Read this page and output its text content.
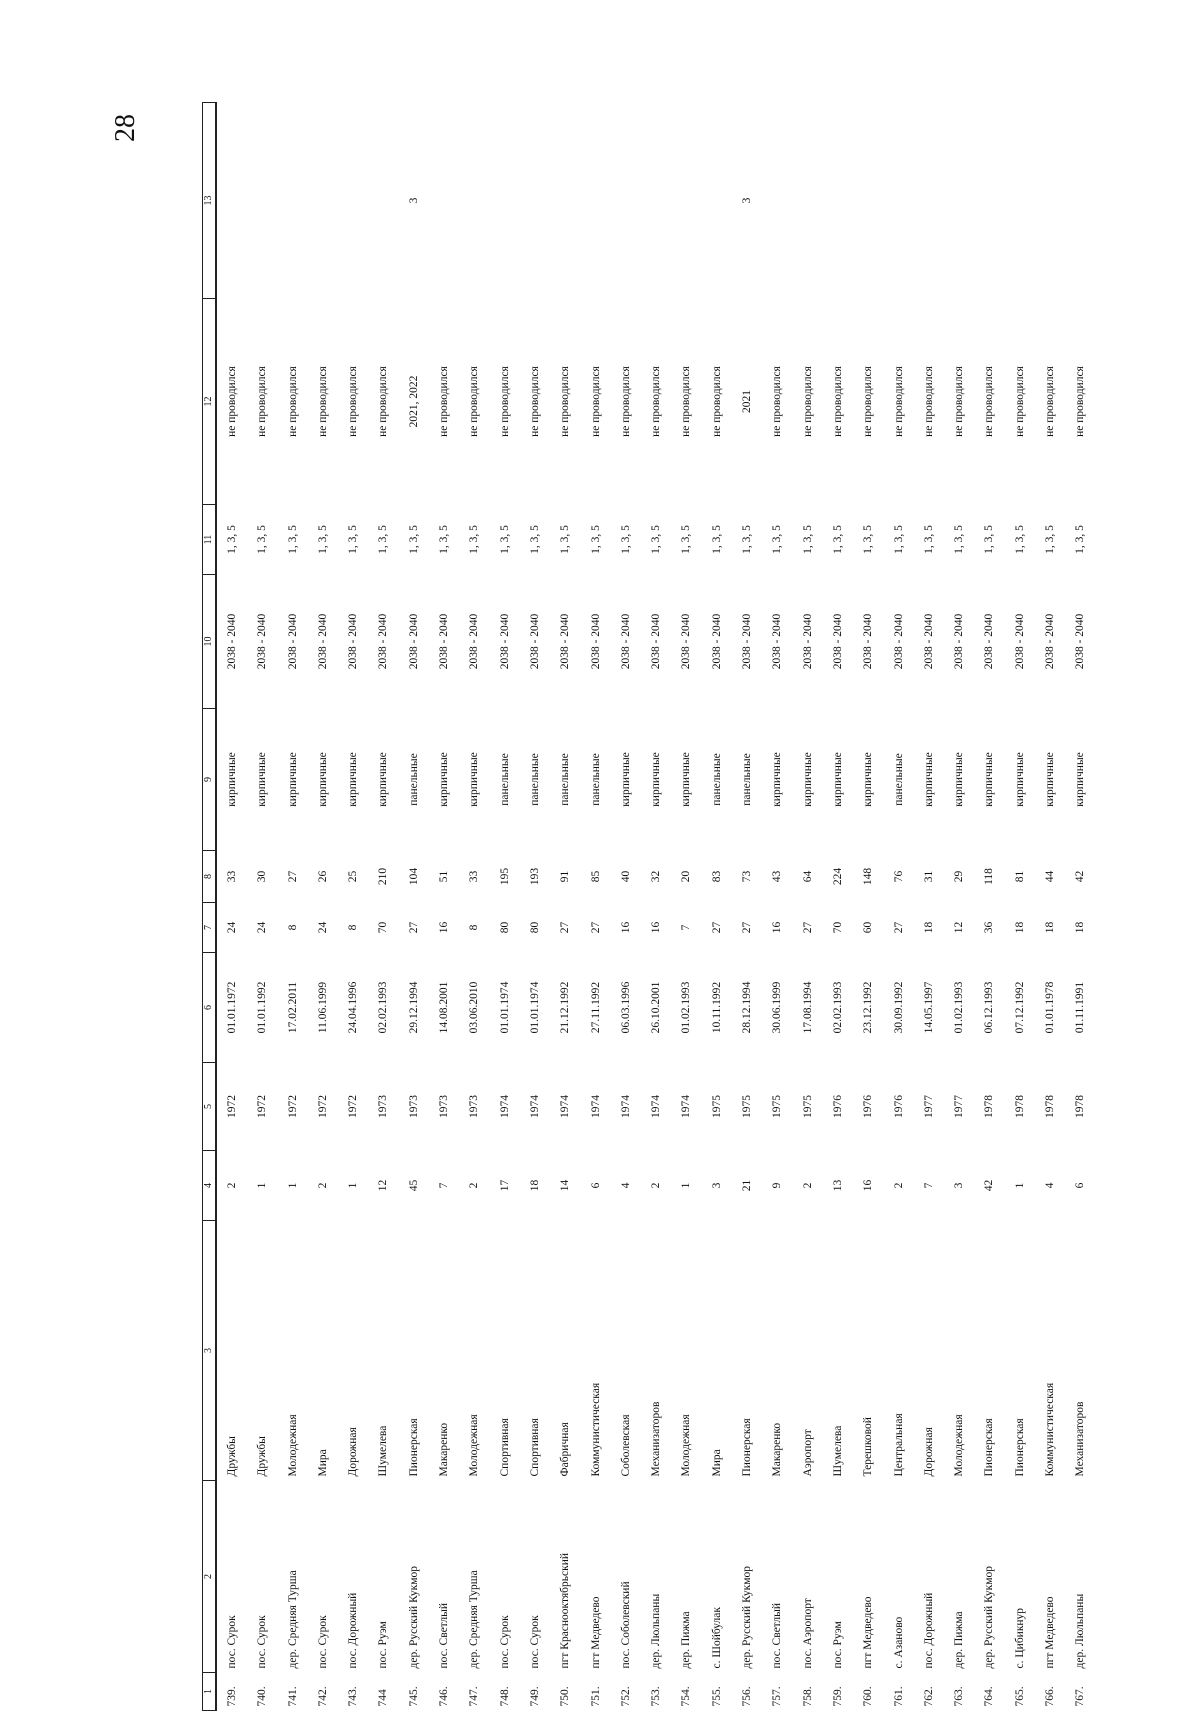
28
1	2	3	4	5	6	7	8	9	10	11	12	13
739.	пос. Сурок	Дружбы	2	1972	01.01.1972	24	33	кирпичные	2038 - 2040	1, 3, 5	не проводился	
740.	пос. Сурок	Дружбы	1	1972	01.01.1992	24	30	кирпичные	2038 - 2040	1, 3, 5	не проводился	
741.	дер. Средняя Турша	Молодежная	1	1972	17.02.2011	8	27	кирпичные	2038 - 2040	1, 3, 5	не проводился	
742.	пос. Сурок	Мира	2	1972	11.06.1999	24	26	кирпичные	2038 - 2040	1, 3, 5	не проводился	
743.	пос. Дорожный	Дорожная	1	1972	24.04.1996	8	25	кирпичные	2038 - 2040	1, 3, 5	не проводился	
744	пос. Руэм	Шумелева	12	1973	02.02.1993	70	210	кирпичные	2038 - 2040	1, 3, 5	не проводился	
745.	дер. Русский Кукмор	Пионерская	45	1973	29.12.1994	27	104	панельные	2038 - 2040	1, 3, 5	2021, 2022	3
746.	пос. Светлый	Макаренко	7	1973	14.08.2001	16	51	кирпичные	2038 - 2040	1, 3, 5	не проводился	
747.	дер. Средняя Турша	Молодежная	2	1973	03.06.2010	8	33	кирпичные	2038 - 2040	1, 3, 5	не проводился	
748.	пос. Сурок	Спортивная	17	1974	01.01.1974	80	195	панельные	2038 - 2040	1, 3, 5	не проводился	
749.	пос. Сурок	Спортивная	18	1974	01.01.1974	80	193	панельные	2038 - 2040	1, 3, 5	не проводился	
750.	пгт Красноoктябрьский	Фабричная	14	1974	21.12.1992	27	91	панельные	2038 - 2040	1, 3, 5	не проводился	
751.	пгт Медведево	Коммунистическая	6	1974	27.11.1992	27	85	панельные	2038 - 2040	1, 3, 5	не проводился	
752.	пос. Соболевский	Соболевская	4	1974	06.03.1996	16	40	кирпичные	2038 - 2040	1, 3, 5	не проводился	
753.	дер. Люльпаны	Механизаторов	2	1974	26.10.2001	16	32	кирпичные	2038 - 2040	1, 3, 5	не проводился	
754.	дер. Пижма	Молодежная	1	1974	01.02.1993	7	20	кирпичные	2038 - 2040	1, 3, 5	не проводился	
755.	с. Шойбулак	Мира	3	1975	10.11.1992	27	83	панельные	2038 - 2040	1, 3, 5	не проводился	
756.	дер. Русский Кукмор	Пионерская	21	1975	28.12.1994	27	73	панельные	2038 - 2040	1, 3, 5	2021	3
757.	пос. Светлый	Макаренко	9	1975	30.06.1999	16	43	кирпичные	2038 - 2040	1, 3, 5	не проводился	
758.	пос. Аэропорт	Аэропорт	2	1975	17.08.1994	27	64	кирпичные	2038 - 2040	1, 3, 5	не проводился	
759.	пос. Руэм	Шумелева	13	1976	02.02.1993	70	224	кирпичные	2038 - 2040	1, 3, 5	не проводился	
760.	пгт Медведево	Терешковой	16	1976	23.12.1992	60	148	кирпичные	2038 - 2040	1, 3, 5	не проводился	
761.	с. Азаново	Центральная	2	1976	30.09.1992	27	76	панельные	2038 - 2040	1, 3, 5	не проводился	
762.	пос. Дорожный	Дорожная	7	1977	14.05.1997	18	31	кирпичные	2038 - 2040	1, 3, 5	не проводился	
763.	дер. Пижма	Молодежная	3	1977	01.02.1993	12	29	кирпичные	2038 - 2040	1, 3, 5	не проводился	
764.	дер. Русский Кукмор	Пионерская	42	1978	06.12.1993	36	118	кирпичные	2038 - 2040	1, 3, 5	не проводился	
765.	с. Цибикнур	Пионерская	1	1978	07.12.1992	18	81	кирпичные	2038 - 2040	1, 3, 5	не проводился	
766.	пгт Медведево	Коммунистическая	4	1978	01.01.1978	18	44	кирпичные	2038 - 2040	1, 3, 5	не проводился	
767.	дер. Люльпаны	Механизаторов	6	1978	01.11.1991	18	42	кирпичные	2038 - 2040	1, 3, 5	не проводился	
